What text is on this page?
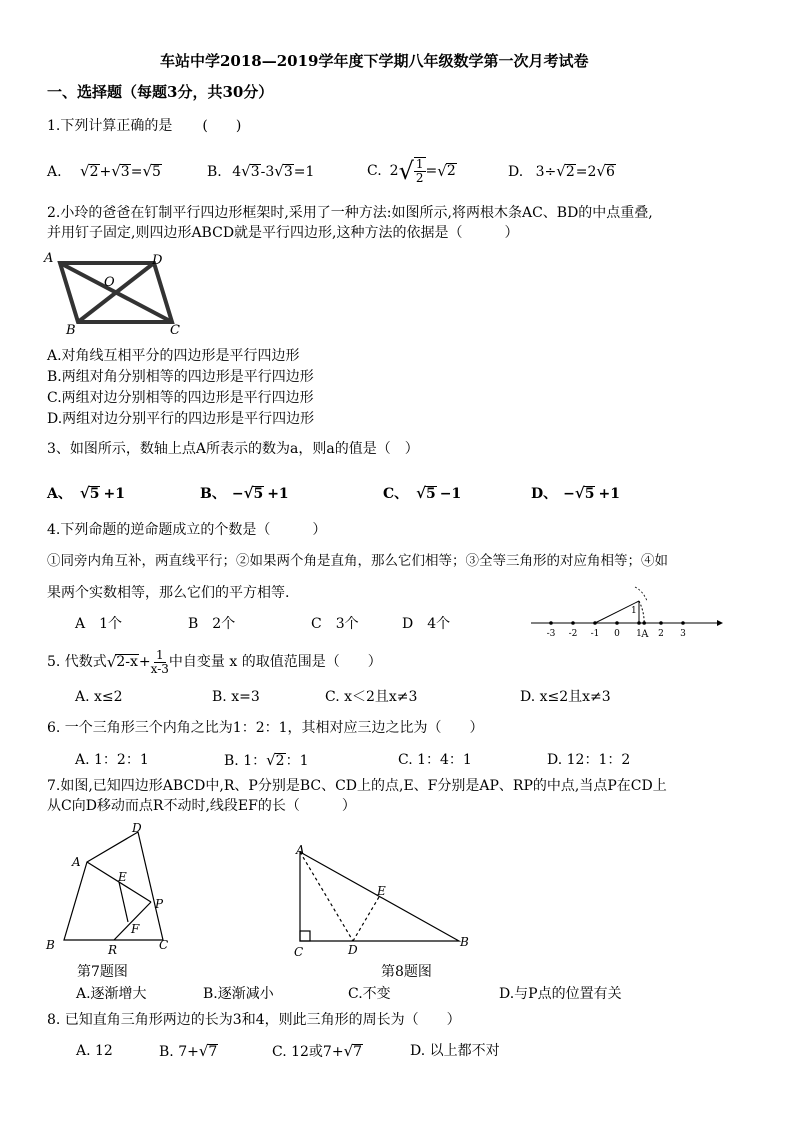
车站中学2018—2019学年度下学期八年级数学第一次月考试卷
一、选择题（每题3分，共30分）
1.下列计算正确的是 (　　)
A. √2+√3=√5	B. 4√3-3√3=1	C. 2 √ 1
2 = √ 2	D. 3÷√2=2√6
2.小玲的爸爸在钉制平行四边形框架时,采用了一种方法:如图所示,将两根木条AC、BD的中点重叠,
并用钉子固定,则四边形ABCD就是平行四边形,这种方法的依据是（　　　）
A	D
O
B	C
A.对角线互相平分的四边形是平行四边形
B.两组对角分别相等的四边形是平行四边形
C.两组对边分别相等的四边形是平行四边形
D.两组对边分别平行的四边形是平行四边形
3、如图所示，数轴上点A所表示的数为a，则a的值是（　）
A、 √5 +1	B、 −√5 +1	C、 √5 −1	D、 −√5 +1
4.下列命题的逆命题成立的个数是（　　　）
①同旁内角互补，两直线平行；②如果两个角是直角，那么它们相等；③全等三角形的对应角相等；④如
果两个实数相等，那么它们的平方相等.
A　1个	B　2个	C　3个	D　4个
-3 -2 -1 0 1 2 3
1
A
5. 代数式 √ $2-x + \frac{1}{x-3}$ 中自变量 x 的取值范围是（　　）
A. x≤2	B. x=3	C. x＜2且x≠3	D. x≤2且x≠3
6. 一个三角形三个内角之比为1：2：1，其相对应三边之比为（　　）
A. 1：2：1	B. 1：√2：1	C. 1：4：1	D. 12：1：2
7.如图,已知四边形ABCD中,R、P分别是BC、CD上的点,E、F分别是AP、RP的中点,当点P在CD上
从C向D移动而点R不动时,线段EF的长（　　　）
A
D
E
P
F
B	R	C
第7题图
A
E
C	D
B
第8题图
A.逐渐增大	B.逐渐减小	C.不变	D.与P点的位置有关
8. 已知直角三角形两边的长为3和4，则此三角形的周长为（　　）
A. 12	B. 7+√7	C. 12或7+√7	D. 以上都不对
